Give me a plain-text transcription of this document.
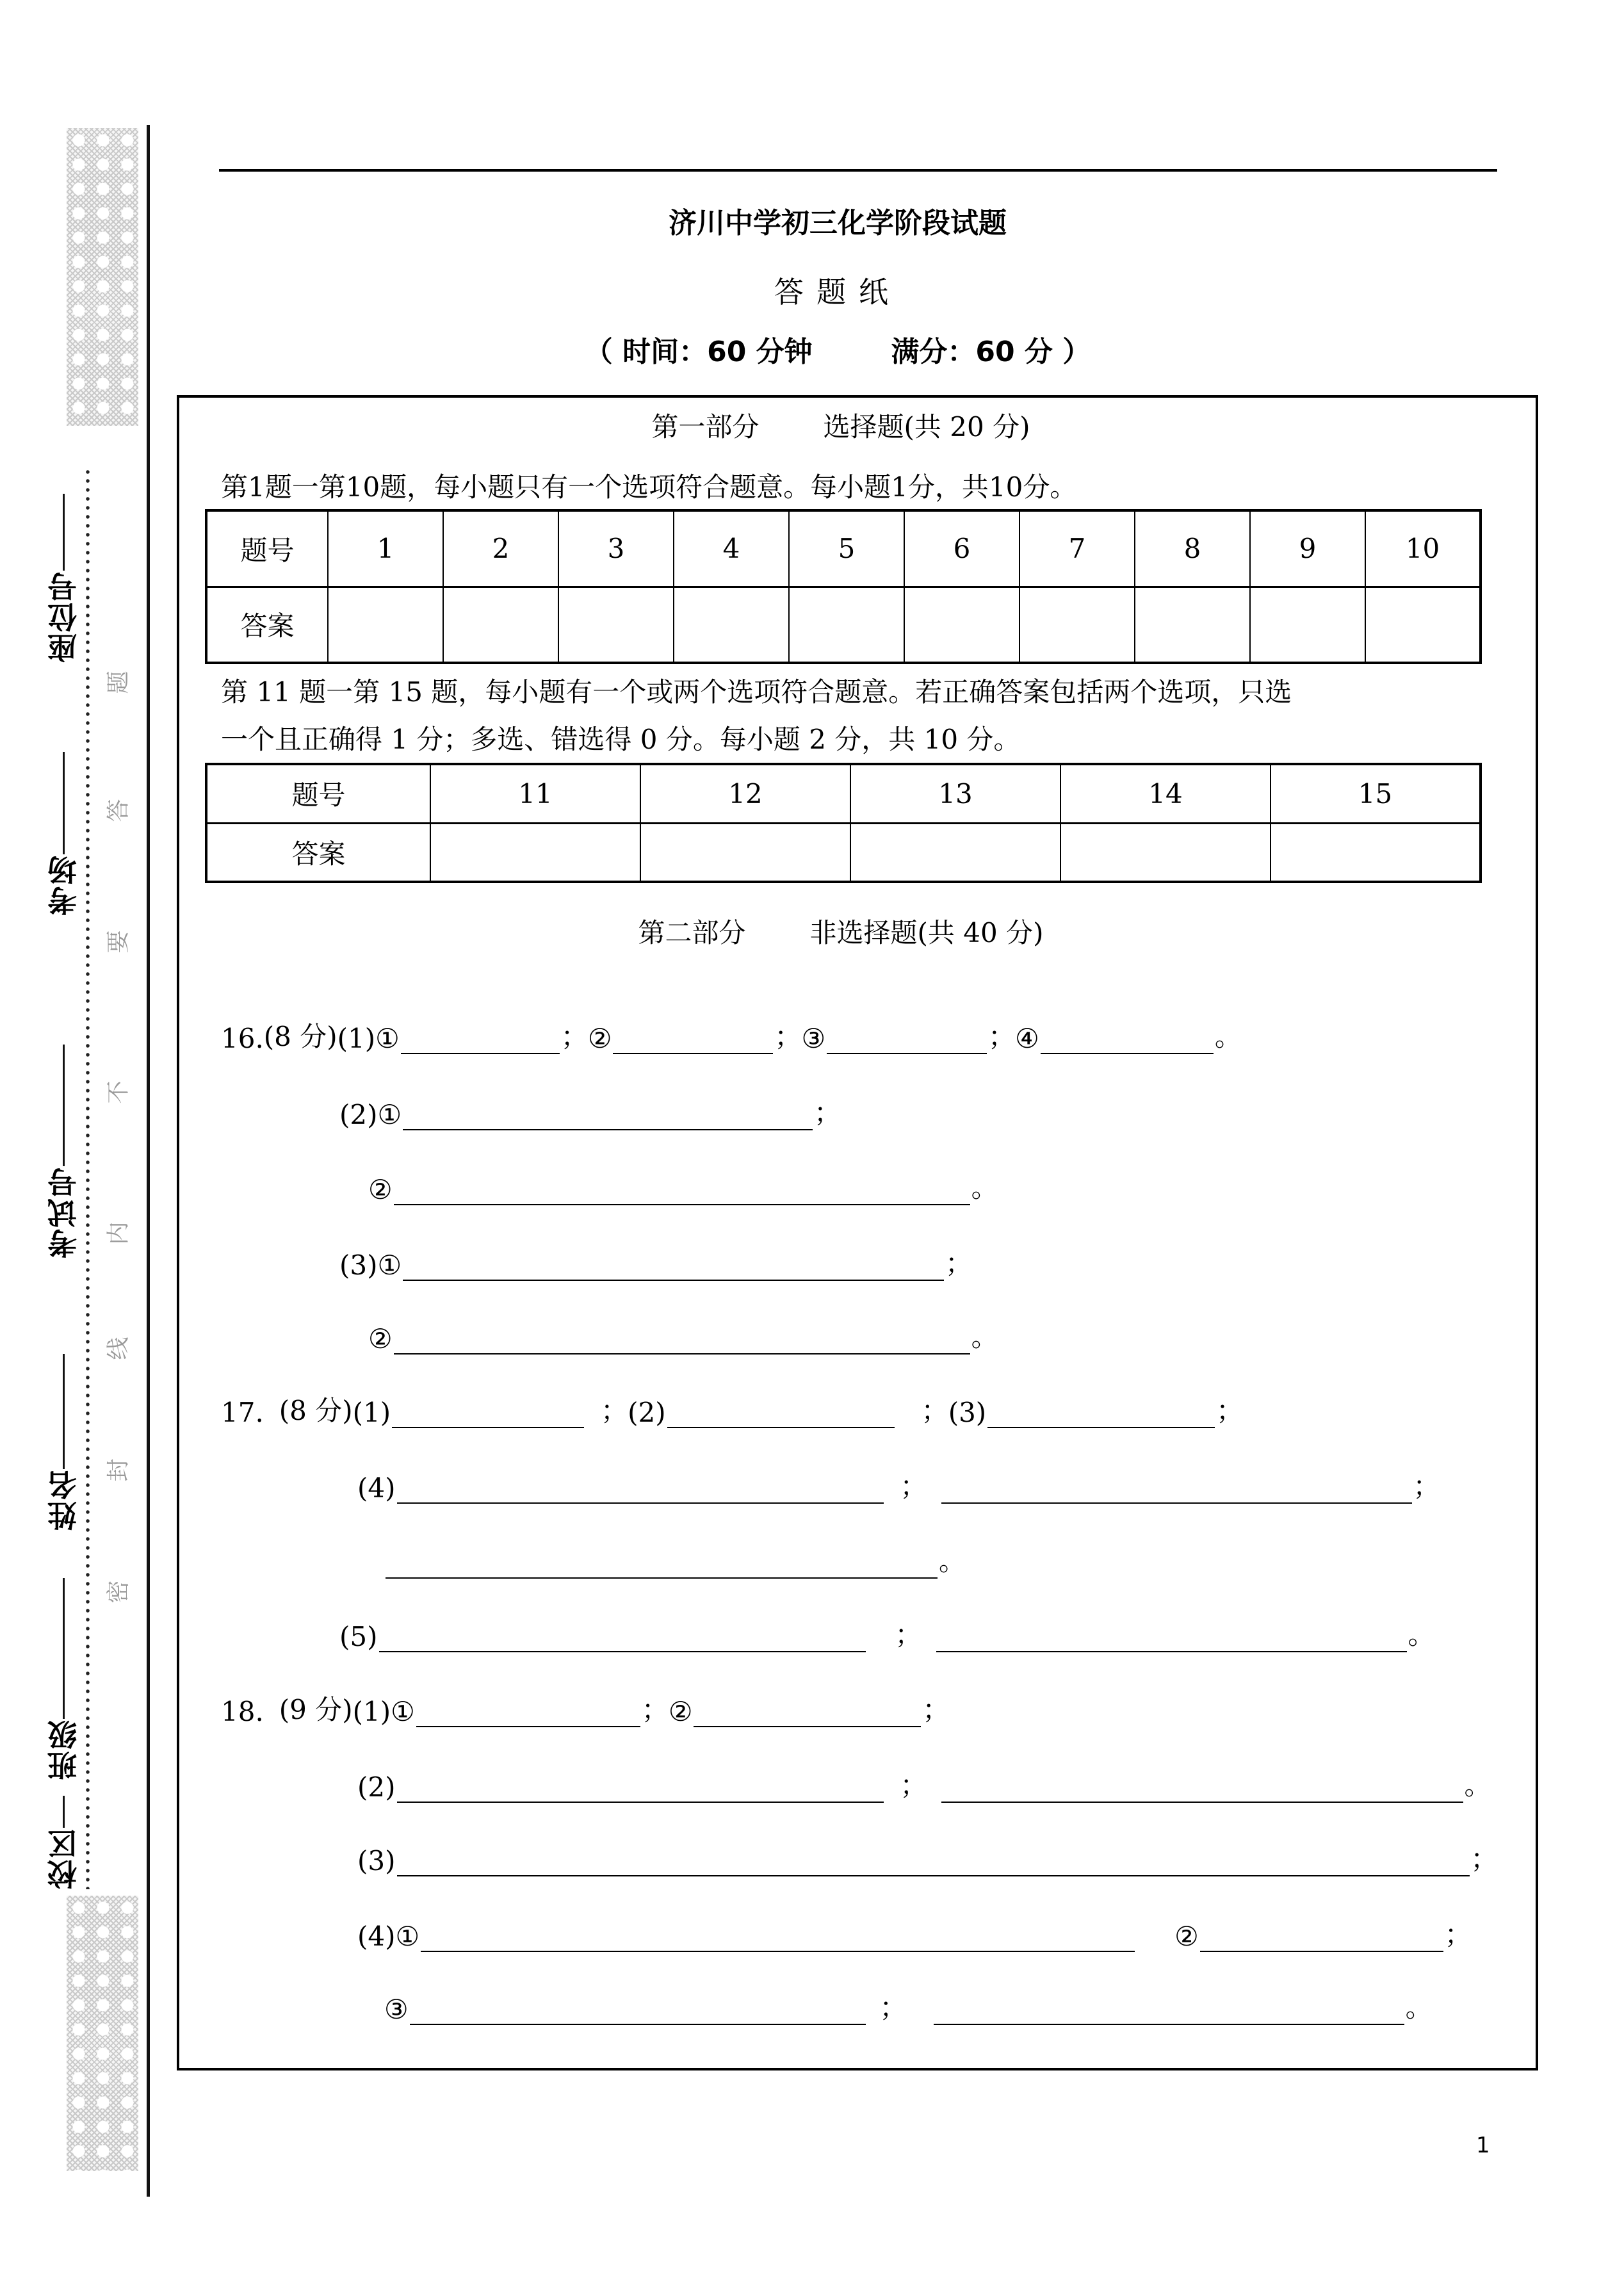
座位号
考场
考试号
姓名
班级
校区
题
答
要
不
内
线
封
密
济川中学初三化学阶段试题
答题纸
（ 时间：60 分钟	满分：60 分 ）
第一部分 选择题(共 20 分)
第1题一第10题，每小题只有一个选项符合题意。每小题1分，共10分。
题号	1	2	3	4	5	6	7	8	9	10
答案										
第 11 题一第 15 题，每小题有一个或两个选项符合题意。若正确答案包括两个选项，只选
一个且正确得 1 分；多选、错选得 0 分。每小题 2 分，共 10 分。
题号	11	12	13	14	15
答案					
第二部分 非选择题(共 40 分)
16. (8 分) (1) ①	； ②	； ③	； ④	。
(2) ①	；
②	。
(3) ①	；
②	。
17. (8 分) (1)	； (2)	； (3)	；
(4)	；	；
。
(5)	；	。
18. (9 分) (1) ①	； ②	；
(2)	；	。
(3)	；
(4) ①	②	；
③	；	。
1
